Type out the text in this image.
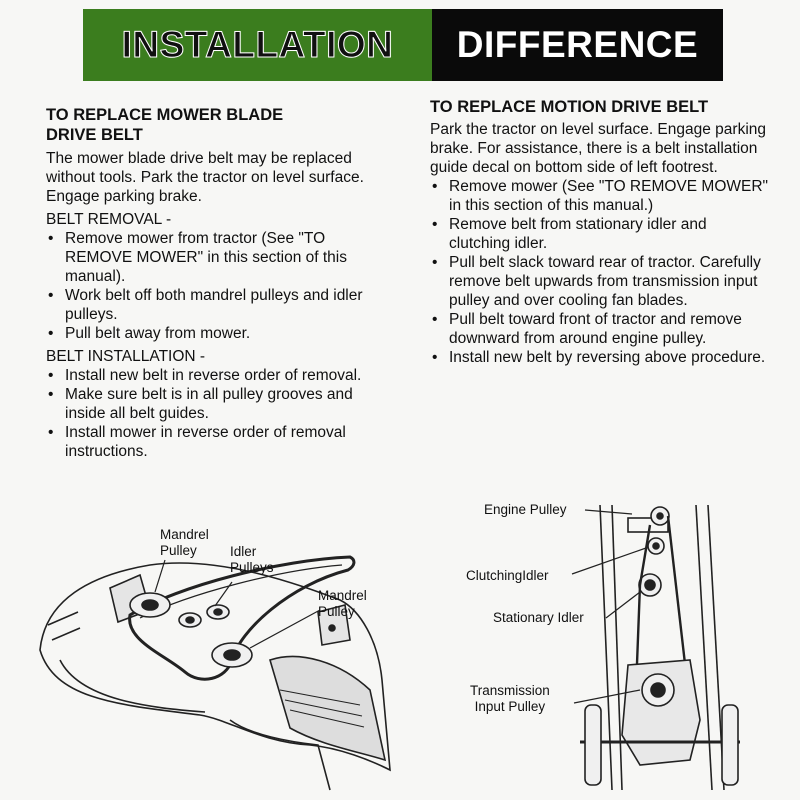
INSTALLATION DIFFERENCE
TO REPLACE MOWER BLADE
DRIVE BELT

The mower blade drive belt may be replaced without tools. Park the tractor on level surface. Engage parking brake.

BELT REMOVAL -

• Remove mower from tractor (See "TO REMOVE MOWER" in this section of this manual).
• Work belt off both mandrel pulleys and idler pulleys.
• Pull belt away from mower.

BELT INSTALLATION -

• Install new belt in reverse order of removal.
• Make sure belt is in all pulley grooves and inside all belt guides.
• Install mower in reverse order of removal instructions.
TO REPLACE MOTION DRIVE BELT

Park the tractor on level surface. Engage parking brake. For assistance, there is a belt installation guide decal on bottom side of left footrest.

• Remove mower (See "TO REMOVE MOWER" in this section of this manual.)
• Remove belt from stationary idler and clutching idler.
• Pull belt slack toward rear of tractor. Carefully remove belt upwards from transmission input pulley and over cooling fan blades.
• Pull belt toward front of tractor and remove downward from around engine pulley.
• Install new belt by reversing above procedure.
Mandrel
Pulley	Idler
Pulleys
Mandrel
Pulley
Engine Pulley
ClutchingIdler
Stationary Idler
Transmission
Input Pulley
